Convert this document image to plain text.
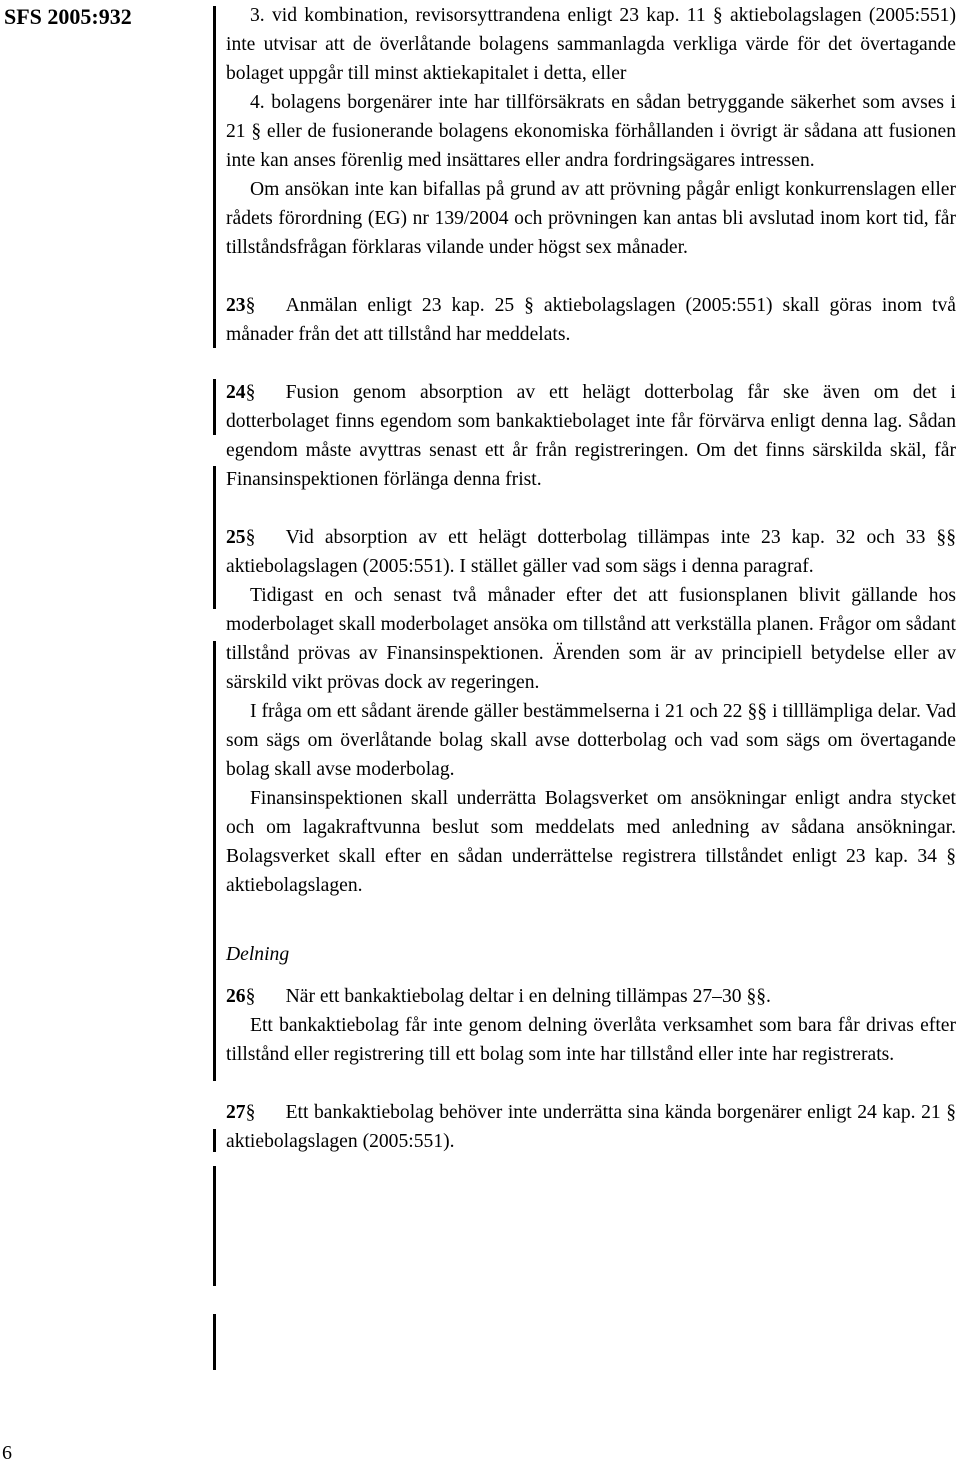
SFS 2005:932	3. vid kombination, revisorsyttrandena enligt 23 kap. 11 § aktiebolagslagen (2005:551) inte utvisar att de överlåtande bolagens sammanlagda verkliga värde för det övertagande bolaget uppgår till minst aktiekapitalet i detta, eller

4. bolagens borgenärer inte har tillförsäkrats en sådan betryggande säkerhet som avses i 21 § eller de fusionerande bolagens ekonomiska förhållanden i övrigt är sådana att fusionen inte kan anses förenlig med insättares eller andra fordringsägares intressen.

Om ansökan inte kan bifallas på grund av att prövning pågår enligt konkurrenslagen eller rådets förordning (EG) nr 139/2004 och prövningen kan antas bli avslutad inom kort tid, får tillståndsfrågan förklaras vilande under högst sex månader.

23§ Anmälan enligt 23 kap. 25 § aktiebolagslagen (2005:551) skall göras inom två månader från det att tillstånd har meddelats.

24§ Fusion genom absorption av ett helägt dotterbolag får ske även om det i dotterbolaget finns egendom som bankaktiebolaget inte får förvärva enligt denna lag. Sådan egendom måste avyttras senast ett år från registreringen. Om det finns särskilda skäl, får Finansinspektionen förlänga denna frist.

25§ Vid absorption av ett helägt dotterbolag tillämpas inte 23 kap. 32 och 33 §§ aktiebolagslagen (2005:551). I stället gäller vad som sägs i denna paragraf.

Tidigast en och senast två månader efter det att fusionsplanen blivit gällande hos moderbolaget skall moderbolaget ansöka om tillstånd att verkställa planen. Frågor om sådant tillstånd prövas av Finansinspektionen. Ärenden som är av principiell betydelse eller av särskild vikt prövas dock av regeringen.

I fråga om ett sådant ärende gäller bestämmelserna i 21 och 22 §§ i tilllämpliga delar. Vad som sägs om överlåtande bolag skall avse dotterbolag och vad som sägs om övertagande bolag skall avse moderbolag.

Finansinspektionen skall underrätta Bolagsverket om ansökningar enligt andra stycket och om lagakraftvunna beslut som meddelats med anledning av sådana ansökningar. Bolagsverket skall efter en sådan underrättelse registrera tillståndet enligt 23 kap. 34 § aktiebolagslagen.

Delning

26§ När ett bankaktiebolag deltar i en delning tillämpas 27–30 §§.

Ett bankaktiebolag får inte genom delning överlåta verksamhet som bara får drivas efter tillstånd eller registrering till ett bolag som inte har tillstånd eller inte har registrerats.

27§ Ett bankaktiebolag behöver inte underrätta sina kända borgenärer enligt 24 kap. 21 § aktiebolagslagen (2005:551).

6
